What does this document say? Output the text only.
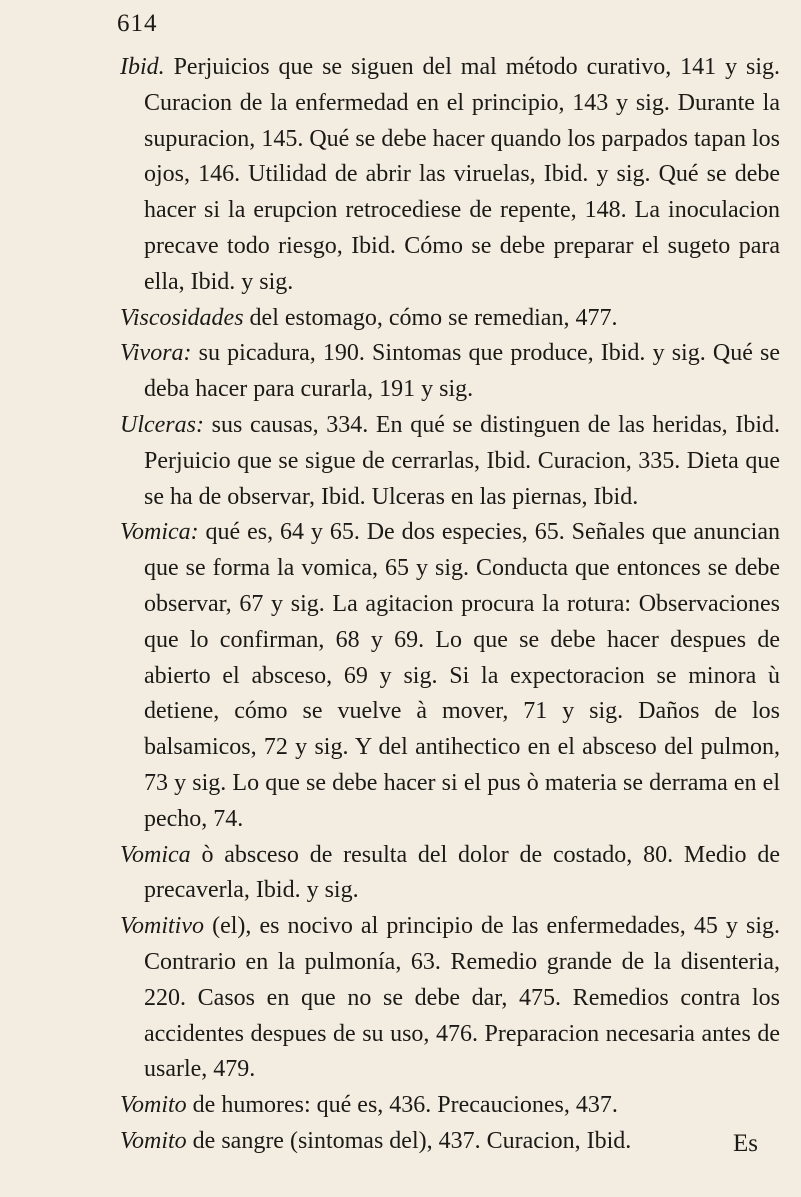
614

Ibid. Perjuicios que se siguen del mal método curativo, 141 y sig. Curacion de la enfermedad en el principio, 143 y sig. Durante la supuracion, 145. Qué se debe hacer quando los parpados tapan los ojos, 146. Utilidad de abrir las viruelas, Ibid. y sig. Qué se debe hacer si la erupcion retrocediese de repente, 148. La inoculacion precave todo riesgo, Ibid. Cómo se debe preparar el sugeto para ella, Ibid. y sig.

Viscosidades del estomago, cómo se remedian, 477.

Vivora: su picadura, 190. Sintomas que produce, Ibid. y sig. Qué se deba hacer para curarla, 191 y sig.

Ulceras: sus causas, 334. En qué se distinguen de las heridas, Ibid. Perjuicio que se sigue de cerrarlas, Ibid. Curacion, 335. Dieta que se ha de observar, Ibid. Ulceras en las piernas, Ibid.

Vomica: qué es, 64 y 65. De dos especies, 65. Señales que anuncian que se forma la vomica, 65 y sig. Conducta que entonces se debe observar, 67 y sig. La agitacion procura la rotura: Observaciones que lo confirman, 68 y 69. Lo que se debe hacer despues de abierto el absceso, 69 y sig. Si la expectoracion se minora ù detiene, cómo se vuelve à mover, 71 y sig. Daños de los balsamicos, 72 y sig. Y del antihectico en el absceso del pulmon, 73 y sig. Lo que se debe hacer si el pus ò materia se derrama en el pecho, 74.

Vomica ò absceso de resulta del dolor de costado, 80. Medio de precaverla, Ibid. y sig.

Vomitivo (el), es nocivo al principio de las enfermedades, 45 y sig. Contrario en la pulmonía, 63. Remedio grande de la disenteria, 220. Casos en que no se debe dar, 475. Remedios contra los accidentes despues de su uso, 476. Preparacion necesaria antes de usarle, 479.

Vomito de humores: qué es, 436. Precauciones, 437.

Vomito de sangre (sintomas del), 437. Curacion, Ibid.	Es
